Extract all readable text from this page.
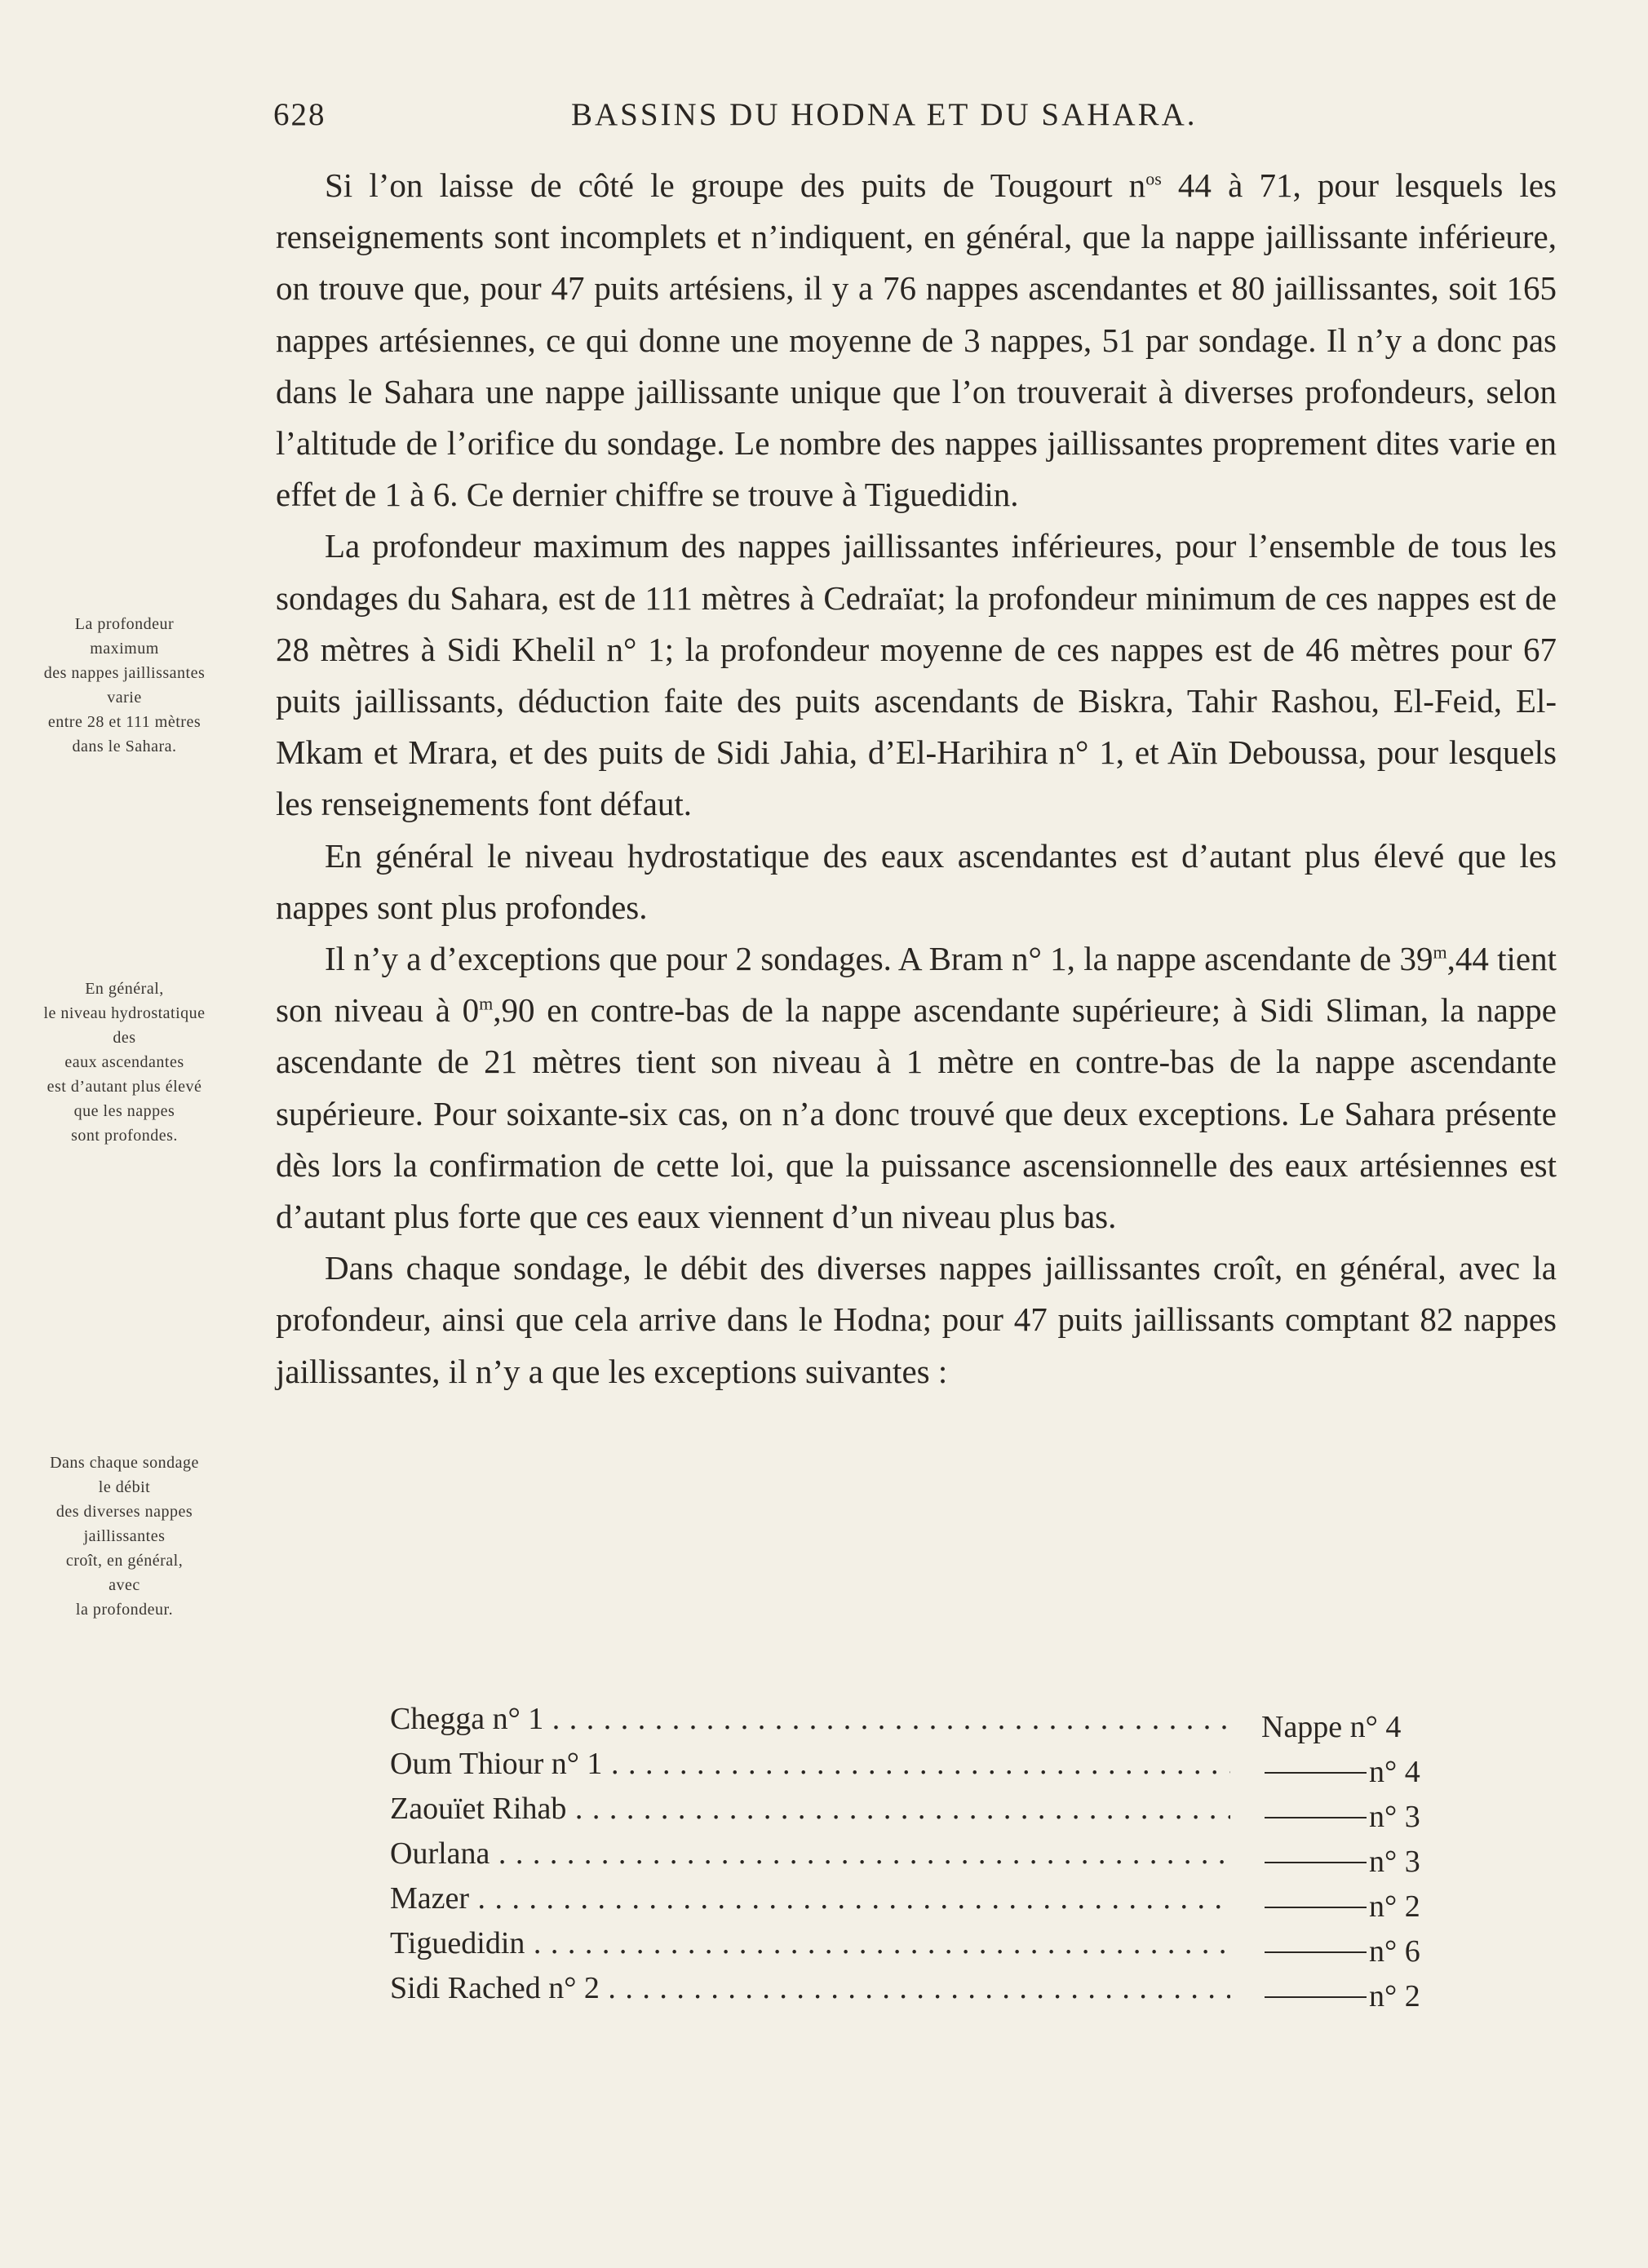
628	BASSINS DU HODNA ET DU SAHARA.
La profondeur
maximum
des nappes jaillissantes
varie
entre 28 et 111 mètres
dans le Sahara.
En général,
le niveau hydrostatique
des
eaux ascendantes
est d’autant plus élevé
que les nappes
sont profondes.
Dans chaque sondage
le débit
des diverses nappes
jaillissantes
croît, en général,
avec
la profondeur.

Si l’on laisse de côté le groupe des puits de Tougourt $n^{os}$ 44 à 71, pour lesquels les renseignements sont incomplets et n’indiquent, en général, que la nappe jaillissante inférieure, on trouve que, pour 47 puits artésiens, il y a 76 nappes ascendantes et 80 jaillissantes, soit 165 nappes artésiennes, ce qui donne une moyenne de 3 nappes, 51 par sondage. Il n’y a donc pas dans le Sahara une nappe jaillissante unique que l’on trouverait à diverses profondeurs, selon l’altitude de l’orifice du sondage. Le nombre des nappes jaillissantes proprement dites varie en effet de 1 à 6. Ce dernier chiffre se trouve à Tiguedidin.

La profondeur maximum des nappes jaillissantes inférieures, pour l’ensemble de tous les sondages du Sahara, est de 111 mètres à Cedraïat; la profondeur minimum de ces nappes est de 28 mètres à Sidi Khelil n° 1; la profondeur moyenne de ces nappes est de 46 mètres pour 67 puits jaillissants, déduction faite des puits ascendants de Biskra, Tahir Rashou, El-Feid, El-Mkam et Mrara, et des puits de Sidi Jahia, d’El-Harihira n° 1, et Aïn Deboussa, pour lesquels les renseignements font défaut.

En général le niveau hydrostatique des eaux ascendantes est d’autant plus élevé que les nappes sont plus profondes.

Il n’y a d’exceptions que pour 2 sondages. A Bram n° 1, la nappe ascendante de 39$^m$,44 tient son niveau à 0$^m$,90 en contre-bas de la nappe ascendante supérieure; à Sidi Sliman, la nappe ascendante de 21 mètres tient son niveau à 1 mètre en contre-bas de la nappe ascendante supérieure. Pour soixante-six cas, on n’a donc trouvé que deux exceptions. Le Sahara présente dès lors la confirmation de cette loi, que la puissance ascensionnelle des eaux artésiennes est d’autant plus forte que ces eaux viennent d’un niveau plus bas.

Dans chaque sondage, le débit des diverses nappes jaillissantes croît, en général, avec la profondeur, ainsi que cela arrive dans le Hodna; pour 47 puits jaillissants comptant 82 nappes jaillissantes, il n’y a que les exceptions suivantes :

Chegga n° 1 . . .	Nappe n° 4
Oum Thiour n° 1 . . .	n° 4
Zaouïet Rihab . . .	n° 3
Ourlana . . .	n° 3
Mazer . . .	n° 2
Tiguedidin . . .	n° 6
Sidi Rached n° 2 . . .	n° 2
